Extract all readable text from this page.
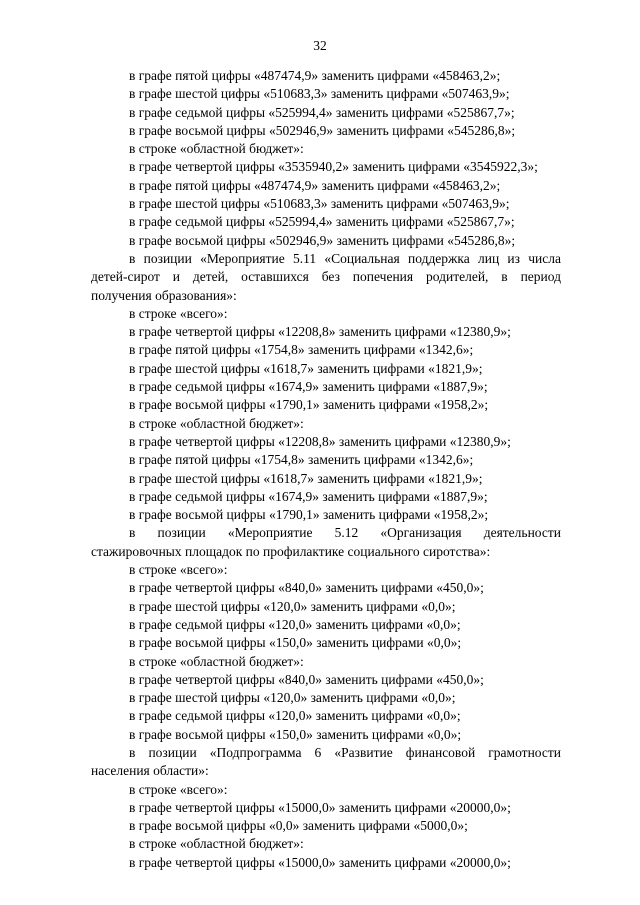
32
в графе пятой цифры «487474,9» заменить цифрами «458463,2»;
в графе шестой цифры «510683,3» заменить цифрами «507463,9»;
в графе седьмой цифры «525994,4» заменить цифрами «525867,7»;
в графе восьмой цифры «502946,9» заменить цифрами «545286,8»;
в строке «областной бюджет»:
в графе четвертой цифры «3535940,2» заменить цифрами «3545922,3»;
в графе пятой цифры «487474,9» заменить цифрами «458463,2»;
в графе шестой цифры «510683,3» заменить цифрами «507463,9»;
в графе седьмой цифры «525994,4» заменить цифрами «525867,7»;
в графе восьмой цифры «502946,9» заменить цифрами «545286,8»;
в позиции «Мероприятие 5.11 «Социальная поддержка лиц из числа
детей-сирот и детей, оставшихся без попечения родителей, в период
получения образования»:
в строке «всего»:
в графе четвертой цифры «12208,8» заменить цифрами «12380,9»;
в графе пятой цифры «1754,8» заменить цифрами «1342,6»;
в графе шестой цифры «1618,7» заменить цифрами «1821,9»;
в графе седьмой цифры «1674,9» заменить цифрами «1887,9»;
в графе восьмой цифры «1790,1» заменить цифрами «1958,2»;
в строке «областной бюджет»:
в графе четвертой цифры «12208,8» заменить цифрами «12380,9»;
в графе пятой цифры «1754,8» заменить цифрами «1342,6»;
в графе шестой цифры «1618,7» заменить цифрами «1821,9»;
в графе седьмой цифры «1674,9» заменить цифрами «1887,9»;
в графе восьмой цифры «1790,1» заменить цифрами «1958,2»;
в позиции «Мероприятие 5.12 «Организация деятельности
стажировочных площадок по профилактике социального сиротства»:
в строке «всего»:
в графе четвертой цифры «840,0» заменить цифрами «450,0»;
в графе шестой цифры «120,0» заменить цифрами «0,0»;
в графе седьмой цифры «120,0» заменить цифрами «0,0»;
в графе восьмой цифры «150,0» заменить цифрами «0,0»;
в строке «областной бюджет»:
в графе четвертой цифры «840,0» заменить цифрами «450,0»;
в графе шестой цифры «120,0» заменить цифрами «0,0»;
в графе седьмой цифры «120,0» заменить цифрами «0,0»;
в графе восьмой цифры «150,0» заменить цифрами «0,0»;
в позиции «Подпрограмма 6 «Развитие финансовой грамотности
населения области»:
в строке «всего»:
в графе четвертой цифры «15000,0» заменить цифрами «20000,0»;
в графе восьмой цифры «0,0» заменить цифрами «5000,0»;
в строке «областной бюджет»:
в графе четвертой цифры «15000,0» заменить цифрами «20000,0»;
